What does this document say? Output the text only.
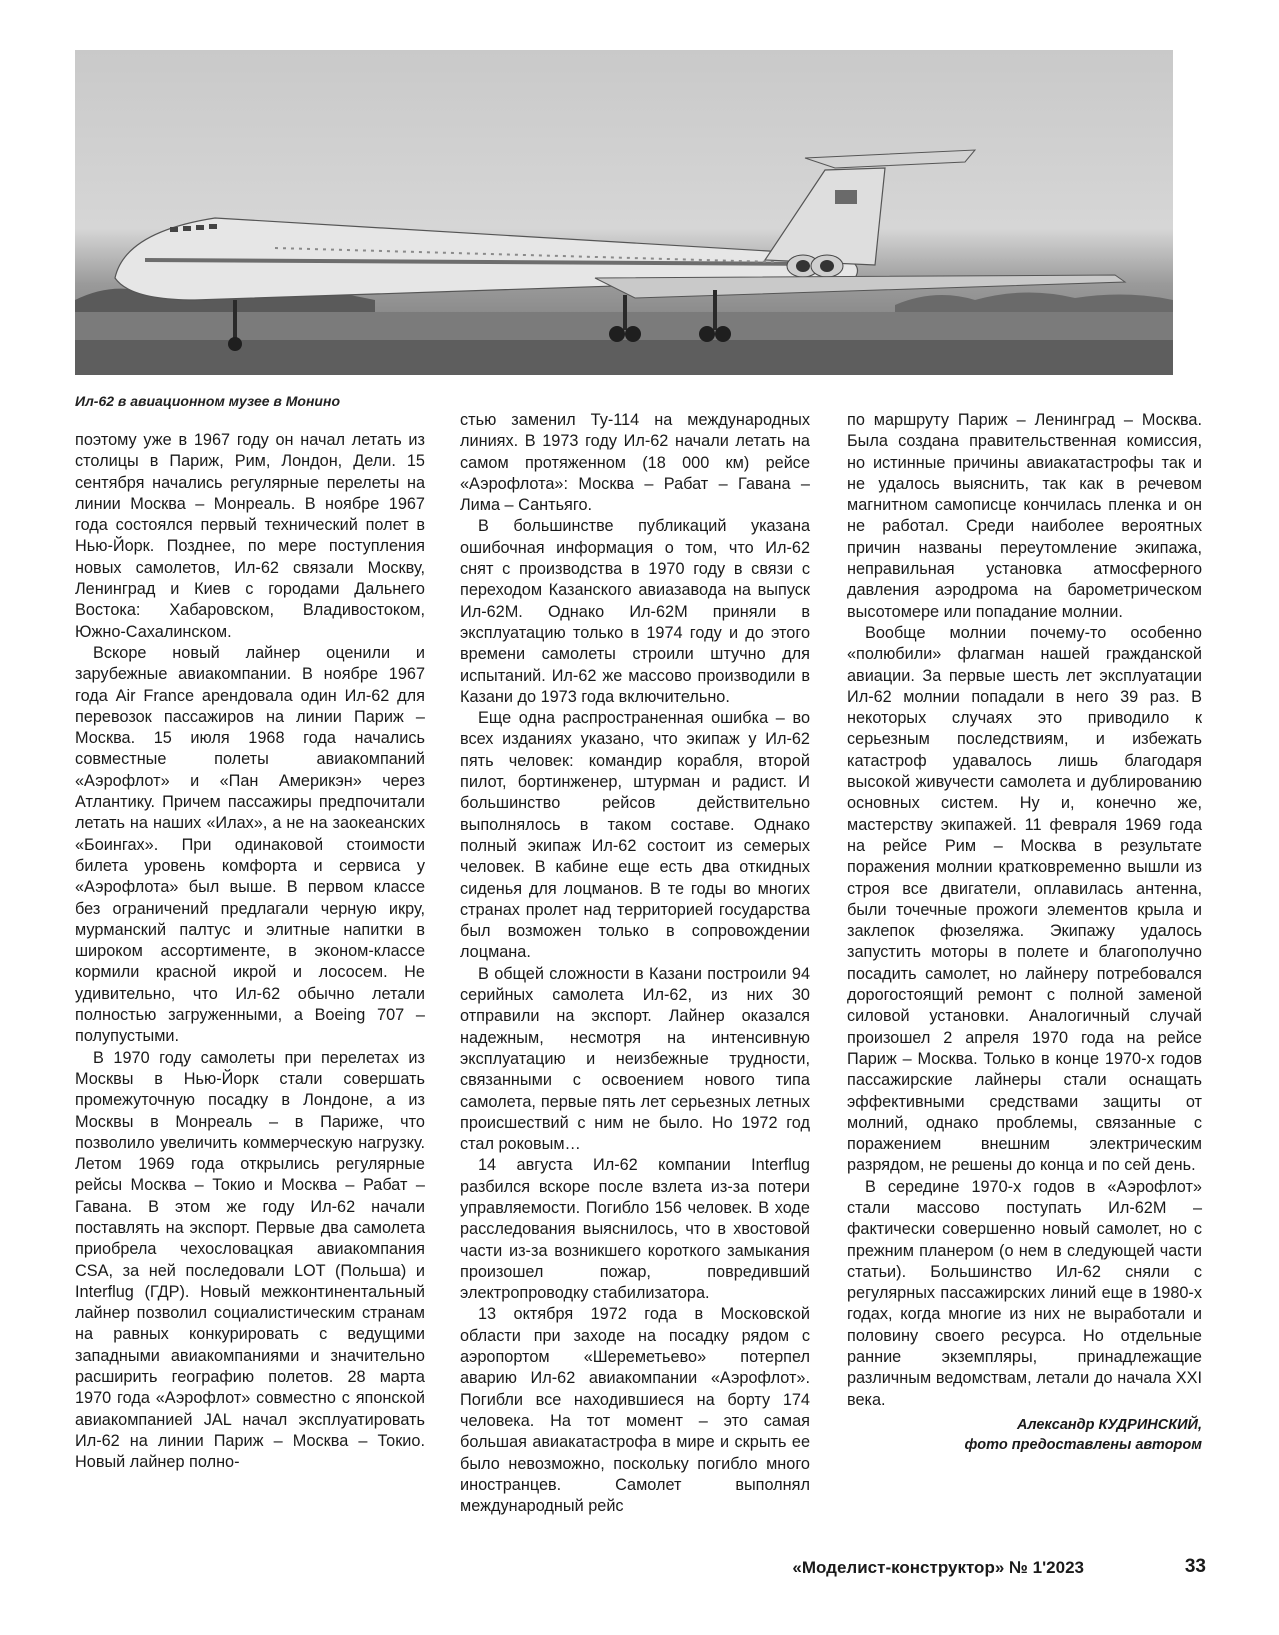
Ил-62 в авиационном музее в Монино

поэтому уже в 1967 году он начал летать из столицы в Париж, Рим, Лондон, Дели. 15 сентября начались регулярные перелеты на линии Москва – Монреаль. В ноябре 1967 года состоялся первый технический полет в Нью-Йорк. Позднее, по мере поступления новых самолетов, Ил-62 связали Москву, Ленинград и Киев с городами Дальнего Востока: Хабаровском, Владивостоком, Южно-Сахалинском.

Вскоре новый лайнер оценили и зарубежные авиакомпании. В ноябре 1967 года Air France арендовала один Ил-62 для перевозок пассажиров на линии Париж – Москва. 15 июля 1968 года начались совместные полеты авиакомпаний «Аэрофлот» и «Пан Америкэн» через Атлантику. Причем пассажиры предпочитали летать на наших «Илах», а не на заокеанских «Боингах». При одинаковой стоимости билета уровень комфорта и сервиса у «Аэрофлота» был выше. В первом классе без ограничений предлагали черную икру, мурманский палтус и элитные напитки в широком ассортименте, в эконом-классе кормили красной икрой и лососем. Не удивительно, что Ил-62 обычно летали полностью загруженными, а Boeing 707 – полупустыми.

В 1970 году самолеты при перелетах из Москвы в Нью-Йорк стали совершать промежуточную посадку в Лондоне, а из Москвы в Монреаль – в Париже, что позволило увеличить коммерческую нагрузку. Летом 1969 года открылись регулярные рейсы Москва – Токио и Москва – Рабат – Гавана. В этом же году Ил-62 начали поставлять на экспорт. Первые два самолета приобрела чехословацкая авиакомпания CSA, за ней последовали LOT (Польша) и Interflug (ГДР). Новый межконтинентальный лайнер позволил социалистическим странам на равных конкурировать с ведущими западными авиакомпаниями и значительно расширить географию полетов. 28 марта 1970 года «Аэрофлот» совместно с японской авиакомпанией JAL начал эксплуатировать Ил-62 на линии Париж – Москва – Токио. Новый лайнер полно-

стью заменил Ту-114 на международных линиях. В 1973 году Ил-62 начали летать на самом протяженном (18 000 км) рейсе «Аэрофлота»: Москва – Рабат – Гавана – Лима – Сантьяго.

В большинстве публикаций указана ошибочная информация о том, что Ил-62 снят с производства в 1970 году в связи с переходом Казанского авиазавода на выпуск Ил-62М. Однако Ил-62М приняли в эксплуатацию только в 1974 году и до этого времени самолеты строили штучно для испытаний. Ил-62 же массово производили в Казани до 1973 года включительно.

Еще одна распространенная ошибка – во всех изданиях указано, что экипаж у Ил-62 пять человек: командир корабля, второй пилот, бортинженер, штурман и радист. И большинство рейсов действительно выполнялось в таком составе. Однако полный экипаж Ил-62 состоит из семерых человек. В кабине еще есть два откидных сиденья для лоцманов. В те годы во многих странах пролет над территорией государства был возможен только в сопровождении лоцмана.

В общей сложности в Казани построили 94 серийных самолета Ил-62, из них 30 отправили на экспорт. Лайнер оказался надежным, несмотря на интенсивную эксплуатацию и неизбежные трудности, связанными с освоением нового типа самолета, первые пять лет серьезных летных происшествий с ним не было. Но 1972 год стал роковым…

14 августа Ил-62 компании Interflug разбился вскоре после взлета из-за потери управляемости. Погибло 156 человек. В ходе расследования выяснилось, что в хвостовой части из-за возникшего короткого замыкания произошел пожар, повредивший электропроводку стабилизатора.

13 октября 1972 года в Московской области при заходе на посадку рядом с аэропортом «Шереметьево» потерпел аварию Ил-62 авиакомпании «Аэрофлот». Погибли все находившиеся на борту 174 человека. На тот момент – это самая большая авиакатастрофа в мире и скрыть ее было невозможно, поскольку погибло много иностранцев. Самолет выполнял международный рейс

по маршруту Париж – Ленинград – Москва. Была создана правительственная комиссия, но истинные причины авиакатастрофы так и не удалось выяснить, так как в речевом магнитном самописце кончилась пленка и он не работал. Среди наиболее вероятных причин названы переутомление экипажа, неправильная установка атмосферного давления аэродрома на барометрическом высотомере или попадание молнии.

Вообще молнии почему-то особенно «полюбили» флагман нашей гражданской авиации. За первые шесть лет эксплуатации Ил-62 молнии попадали в него 39 раз. В некоторых случаях это приводило к серьезным последствиям, и избежать катастроф удавалось лишь благодаря высокой живучести самолета и дублированию основных систем. Ну и, конечно же, мастерству экипажей. 11 февраля 1969 года на рейсе Рим – Москва в результате поражения молнии кратковременно вышли из строя все двигатели, оплавилась антенна, были точечные прожоги элементов крыла и заклепок фюзеляжа. Экипажу удалось запустить моторы в полете и благополучно посадить самолет, но лайнеру потребовался дорогостоящий ремонт с полной заменой силовой установки. Аналогичный случай произошел 2 апреля 1970 года на рейсе Париж – Москва. Только в конце 1970-х годов пассажирские лайнеры стали оснащать эффективными средствами защиты от молний, однако проблемы, связанные с поражением внешним электрическим разрядом, не решены до конца и по сей день.

В середине 1970-х годов в «Аэрофлот» стали массово поступать Ил-62М – фактически совершенно новый самолет, но с прежним планером (о нем в следующей части статьи). Большинство Ил-62 сняли с регулярных пассажирских линий еще в 1980-х годах, когда многие из них не выработали и половину своего ресурса. Но отдельные ранние экземпляры, принадлежащие различным ведомствам, летали до начала XXI века.

Александр КУДРИНСКИЙ,
фото предоставлены автором
«Моделист-конструктор» № 1'2023	33
